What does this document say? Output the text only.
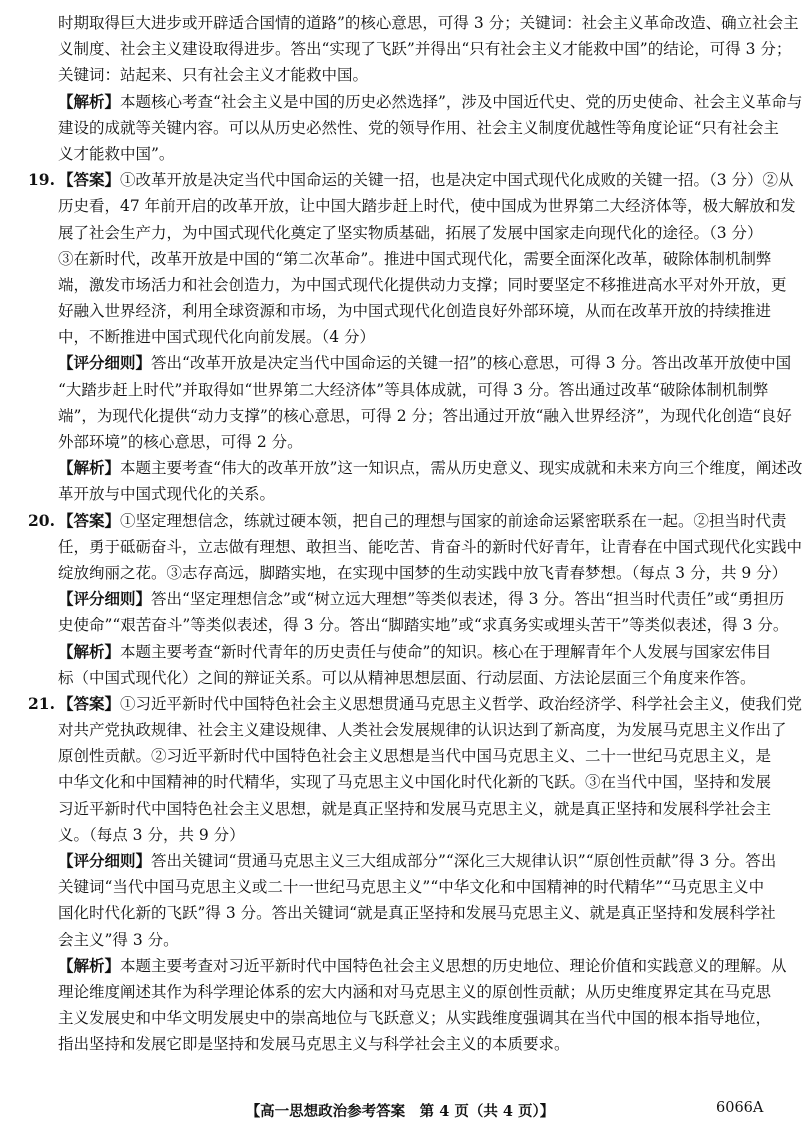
时期取得巨大进步或开辟适合国情的道路”的核心意思，可得 3 分；关键词：社会主义革命改造、确立社会主
义制度、社会主义建设取得进步。答出“实现了飞跃”并得出“只有社会主义才能救中国”的结论，可得 3 分；
关键词：站起来、只有社会主义才能救中国。
【解析】本题核心考查“社会主义是中国的历史必然选择”，涉及中国近代史、党的历史使命、社会主义革命与
建设的成就等关键内容。可以从历史必然性、党的领导作用、社会主义制度优越性等角度论证“只有社会主
义才能救中国”。
19. 【答案】①改革开放是决定当代中国命运的关键一招，也是决定中国式现代化成败的关键一招。（3 分）②从
历史看，47 年前开启的改革开放，让中国大踏步赶上时代，使中国成为世界第二大经济体等，极大解放和发
展了社会生产力，为中国式现代化奠定了坚实物质基础，拓展了发展中国家走向现代化的途径。（3 分）
③在新时代，改革开放是中国的“第二次革命”。推进中国式现代化，需要全面深化改革，破除体制机制弊
端，激发市场活力和社会创造力，为中国式现代化提供动力支撑；同时要坚定不移推进高水平对外开放，更
好融入世界经济，利用全球资源和市场，为中国式现代化创造良好外部环境，从而在改革开放的持续推进
中，不断推进中国式现代化向前发展。（4 分）
【评分细则】答出“改革开放是决定当代中国命运的关键一招”的核心意思，可得 3 分。答出改革开放使中国
“大踏步赶上时代”并取得如“世界第二大经济体”等具体成就，可得 3 分。答出通过改革“破除体制机制弊
端”，为现代化提供“动力支撑”的核心意思，可得 2 分；答出通过开放“融入世界经济”，为现代化创造“良好
外部环境”的核心意思，可得 2 分。
【解析】本题主要考查“伟大的改革开放”这一知识点，需从历史意义、现实成就和未来方向三个维度，阐述改
革开放与中国式现代化的关系。
20. 【答案】①坚定理想信念，练就过硬本领，把自己的理想与国家的前途命运紧密联系在一起。②担当时代责
任，勇于砥砺奋斗，立志做有理想、敢担当、能吃苦、肯奋斗的新时代好青年，让青春在中国式现代化实践中
绽放绚丽之花。③志存高远，脚踏实地，在实现中国梦的生动实践中放飞青春梦想。（每点 3 分，共 9 分）
【评分细则】答出“坚定理想信念”或“树立远大理想”等类似表述，得 3 分。答出“担当时代责任”或“勇担历
史使命”“艰苦奋斗”等类似表述，得 3 分。答出“脚踏实地”或“求真务实或埋头苦干”等类似表述，得 3 分。
【解析】本题主要考查“新时代青年的历史责任与使命”的知识。核心在于理解青年个人发展与国家宏伟目
标（中国式现代化）之间的辩证关系。可以从精神思想层面、行动层面、方法论层面三个角度来作答。
21. 【答案】①习近平新时代中国特色社会主义思想贯通马克思主义哲学、政治经济学、科学社会主义，使我们党
对共产党执政规律、社会主义建设规律、人类社会发展规律的认识达到了新高度，为发展马克思主义作出了
原创性贡献。②习近平新时代中国特色社会主义思想是当代中国马克思主义、二十一世纪马克思主义，是
中华文化和中国精神的时代精华，实现了马克思主义中国化时代化新的飞跃。③在当代中国，坚持和发展
习近平新时代中国特色社会主义思想，就是真正坚持和发展马克思主义，就是真正坚持和发展科学社会主
义。（每点 3 分，共 9 分）
【评分细则】答出关键词“贯通马克思主义三大组成部分”“深化三大规律认识”“原创性贡献”得 3 分。答出
关键词“当代中国马克思主义或二十一世纪马克思主义”“中华文化和中国精神的时代精华”“马克思主义中
国化时代化新的飞跃”得 3 分。答出关键词“就是真正坚持和发展马克思主义、就是真正坚持和发展科学社
会主义”得 3 分。
【解析】本题主要考查对习近平新时代中国特色社会主义思想的历史地位、理论价值和实践意义的理解。从
理论维度阐述其作为科学理论体系的宏大内涵和对马克思主义的原创性贡献；从历史维度界定其在马克思
主义发展史和中华文明发展史中的崇高地位与飞跃意义；从实践维度强调其在当代中国的根本指导地位，
指出坚持和发展它即是坚持和发展马克思主义与科学社会主义的本质要求。
【高一思想政治参考答案　第 4 页（共 4 页）】	6066A
